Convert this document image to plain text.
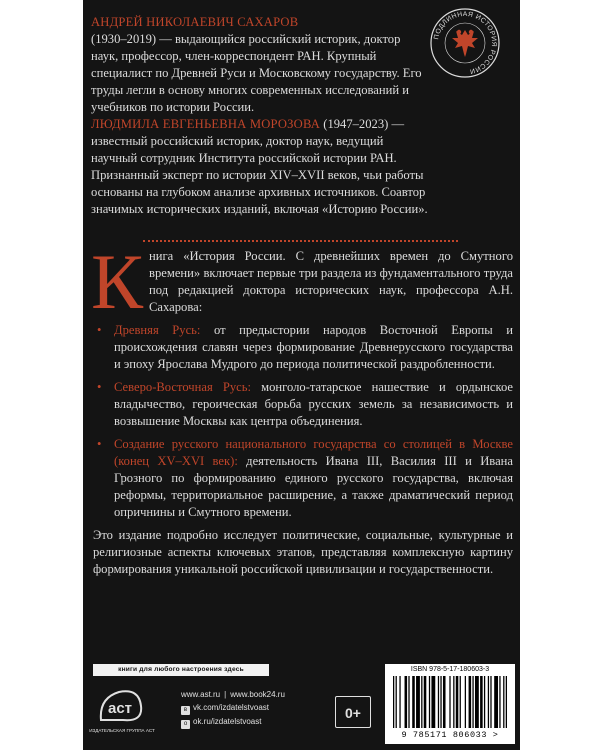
АНДРЕЙ НИКОЛАЕВИЧ САХАРОВ
(1930–2019) — выдающийся российский историк, доктор наук, профессор, член-корреспондент РАН. Крупный специалист по Древней Руси и Московскому государству. Его труды легли в основу многих современных исследований и учебников по истории России.

ЛЮДМИЛА ЕВГЕНЬЕВНА МОРОЗОВА (1947–2023) — известный российский историк, доктор наук, ведущий научный сотрудник Института российской истории РАН. Признанный эксперт по истории XIV–XVII веков, чьи работы основаны на глубоком анализе архивных источников. Соавтор значимых исторических изданий, включая «Историю России».

ПОДЛИННАЯ ИСТОРИЯ РОССИИ
К нига «История России. С древнейших времен до Смутного времени» включает первые три раздела из фундаментального труда под редакцией доктора исторических наук, профессора А.Н. Сахарова:
• Древняя Русь: от предыстории народов Восточной Европы и происхождения славян через формирование Древнерусского государства и эпоху Ярослава Мудрого до периода политической раздробленности.
• Северо-Восточная Русь: монголо-татарское нашествие и ордынское владычество, героическая борьба русских земель за независимость и возвышение Москвы как центра объединения.
• Создание русского национального государства со столицей в Москве (конец XV–XVI век): деятельность Ивана III, Василия III и Ивана Грозного по формированию единого русского государства, включая реформы, территориальное расширение, а также драматический период опричнины и Смутного времени.

Это издание подробно исследует политические, социальные, культурные и религиозные аспекты ключевых этапов, представляя комплексную картину формирования уникальной российской цивилизации и государственности.

книги для любого настроения здесь
аст
ИЗДАТЕЛЬСКАЯ ГРУППА АСТ
www.ast.ru | www.book24.ru
в vk.com/izdatelstvoast
о ok.ru/izdatelstvoast
0+
ISBN 978-5-17-180603-3
9 785171 806033 >
